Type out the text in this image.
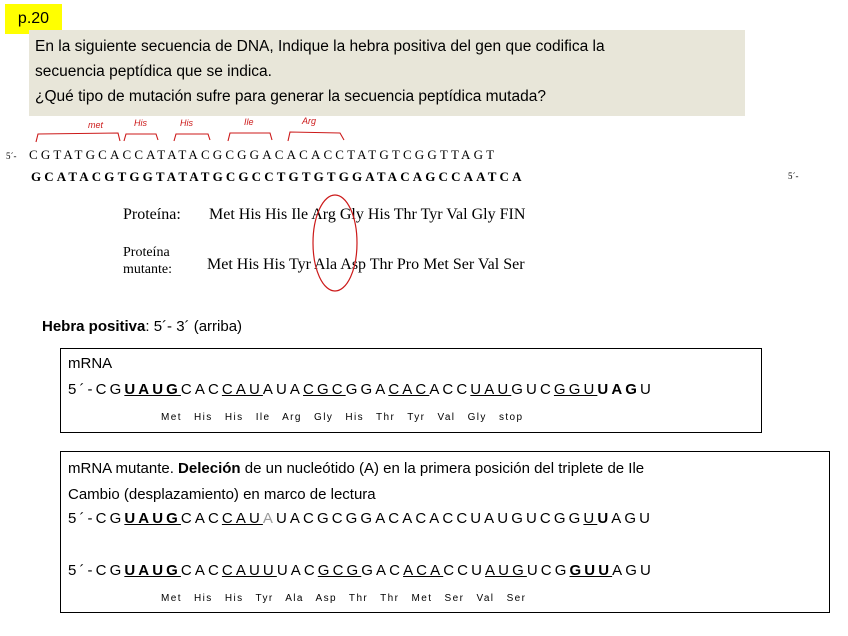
p.20
En la siguiente secuencia de DNA, Indique la hebra positiva del gen que codifica la
secuencia peptídica que se indica.
¿Qué tipo de mutación sufre para generar la secuencia peptídica mutada?
met	His	His	Ile	Arg
5´- CGTATGCACCATATACGCGGACACACCTATGTCGGTTAGT
GCATACGTGGTATATGCGCCTGTGTGGATACAGCCAATCA	5´-
Proteína: Met His His Ile Arg Gly His Thr Tyr Val Gly FIN
Proteína
mutante: Met His His Tyr Ala Asp Thr Pro Met Ser Val Ser
Hebra positiva: 5´- 3´ (arriba)
mRNA
5´-CGUAUGCACCAUAUACGCGGACACACCUAUGUCGGUUAGU
Met His His Ile Arg Gly His Thr Tyr Val Gly stop
mRNA mutante. Deleción de un nucleótido (A) en la primera posición del triplete de Ile
Cambio (desplazamiento) en marco de lectura
5´-CGUAUGCACCAUAUACGCGGACACACCUAUGUCGGUUAGU
5´-CGUAUGCACCAUUUACGCGGACACACCUAUGUCGGUUAGU
Met His His Tyr Ala Asp Thr Thr Met Ser Val Ser
